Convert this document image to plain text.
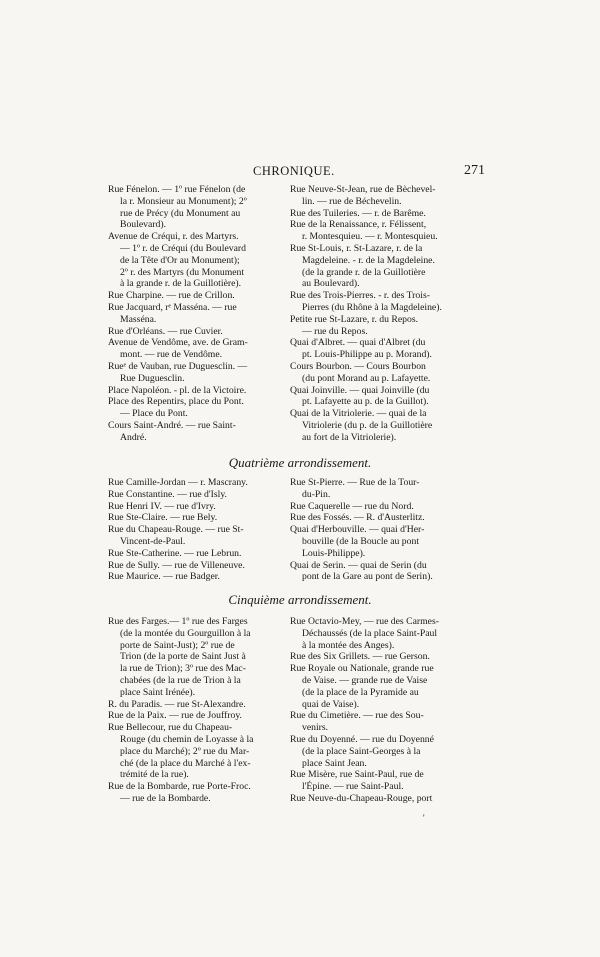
CHRONIQUE.	271

Rue Fénelon. — 1º rue Fénelon (de
la r. Monsieur au Monument); 2º
rue de Précy (du Monument au
Boulevard).

Avenue de Créqui, r. des Martyrs.
— 1º r. de Créqui (du Boulevard
de la Tête d'Or au Monument);
2º r. des Martyrs (du Monument
à la grande r. de la Guillotière).

Rue Charpine. — rue de Crillon.

Rue Jacquard, rᵉ Masséna. — rue
Masséna.

Rue d'Orléans. — rue Cuvier.

Avenue de Vendôme, ave. de Gram-
mont. — rue de Vendôme.

Rueᵉ de Vauban, rue Duguesclin. —
Rue Duguesclin.

Place Napoléon. - pl. de la Victoire.

Place des Repentirs, place du Pont.
— Place du Pont.

Cours Saint-André. — rue Saint-
André.

Rue Neuve-St-Jean, rue de Bèchevel-
lin. — rue de Béchevelin.

Rue des Tuileries. — r. de Barême.

Rue de la Renaissance, r. Félissent,
r. Montesquieu. — r. Montesquieu.

Rue St-Louis, r. St-Lazare, r. de la
Magdeleine. - r. de la Magdeleine.
(de la grande r. de la Guillotière
au Boulevard).

Rue des Trois-Pierres. - r. des Trois-
Pierres (du Rhône à la Magdeleine).

Petite rue St-Lazare, r. du Repos.
— rue du Repos.

Quai d'Albret. — quai d'Albret (du
pt. Louis-Philippe au p. Morand).

Cours Bourbon. — Cours Bourbon
(du pont Morand au p. Lafayette.

Quai Joinville. — quai Joinville (du
pt. Lafayette au p. de la Guillot).

Quai de la Vitriolerie. — quai de la
Vitriolerie (du p. de la Guillotière
au fort de la Vitriolerie).

Quatrième arrondissement.

Rue Camille-Jordan — r. Mascrany.

Rue Constantine. — rue d'Isly.

Rue Henri IV. — rue d'Ivry.

Rue Ste-Claire. — rue Bely.

Rue du Chapeau-Rouge. — rue St-
Vincent-de-Paul.

Rue Ste-Catherine. — rue Lebrun.

Rue de Sully. — rue de Villeneuve.

Rue Maurice. — rue Badger.

Rue St-Pierre. — Rue de la Tour-
du-Pin.

Rue Caquerelle — rue du Nord.

Rue des Fossés. — R. d'Austerlitz.

Quai d'Herbouville. — quai d'Her-
bouville (de la Boucle au pont
Louis-Philippe).

Quai de Serin. — quai de Serin (du
pont de la Gare au pont de Serin).

Cinquième arrondissement.

Rue des Farges.— 1º rue des Farges
(de la montée du Gourguillon à la
porte de Saint-Just); 2º rue de
Trion (de la porte de Saint Just à
la rue de Trion); 3º rue des Mac-
chabées (de la rue de Trion à la
place Saint Irénée).

R. du Paradis. — rue St-Alexandre.

Rue de la Paix. — rue de Jouffroy.

Rue Bellecour, rue du Chapeau-
Rouge (du chemin de Loyasse à la
place du Marché); 2º rue du Mar-
ché (de la place du Marché à l'ex-
trémité de la rue).

Rue de la Bombarde, rue Porte-Froc.
— rue de la Bombarde.

Rue Octavio-Mey, — rue des Carmes-
Déchaussés (de la place Saint-Paul
à la montée des Anges).

Rue des Six Grillets. — rue Gerson.

Rue Royale ou Nationale, grande rue
de Vaise. — grande rue de Vaise
(de la place de la Pyramide au
quai de Vaise).

Rue du Cimetière. — rue des Sou-
venirs.

Rue du Doyenné. — rue du Doyenné
(de la place Saint-Georges à la
place Saint Jean.

Rue Misère, rue Saint-Paul, rue de
l'Épine. — rue Saint-Paul.

Rue Neuve-du-Chapeau-Rouge, port

'
